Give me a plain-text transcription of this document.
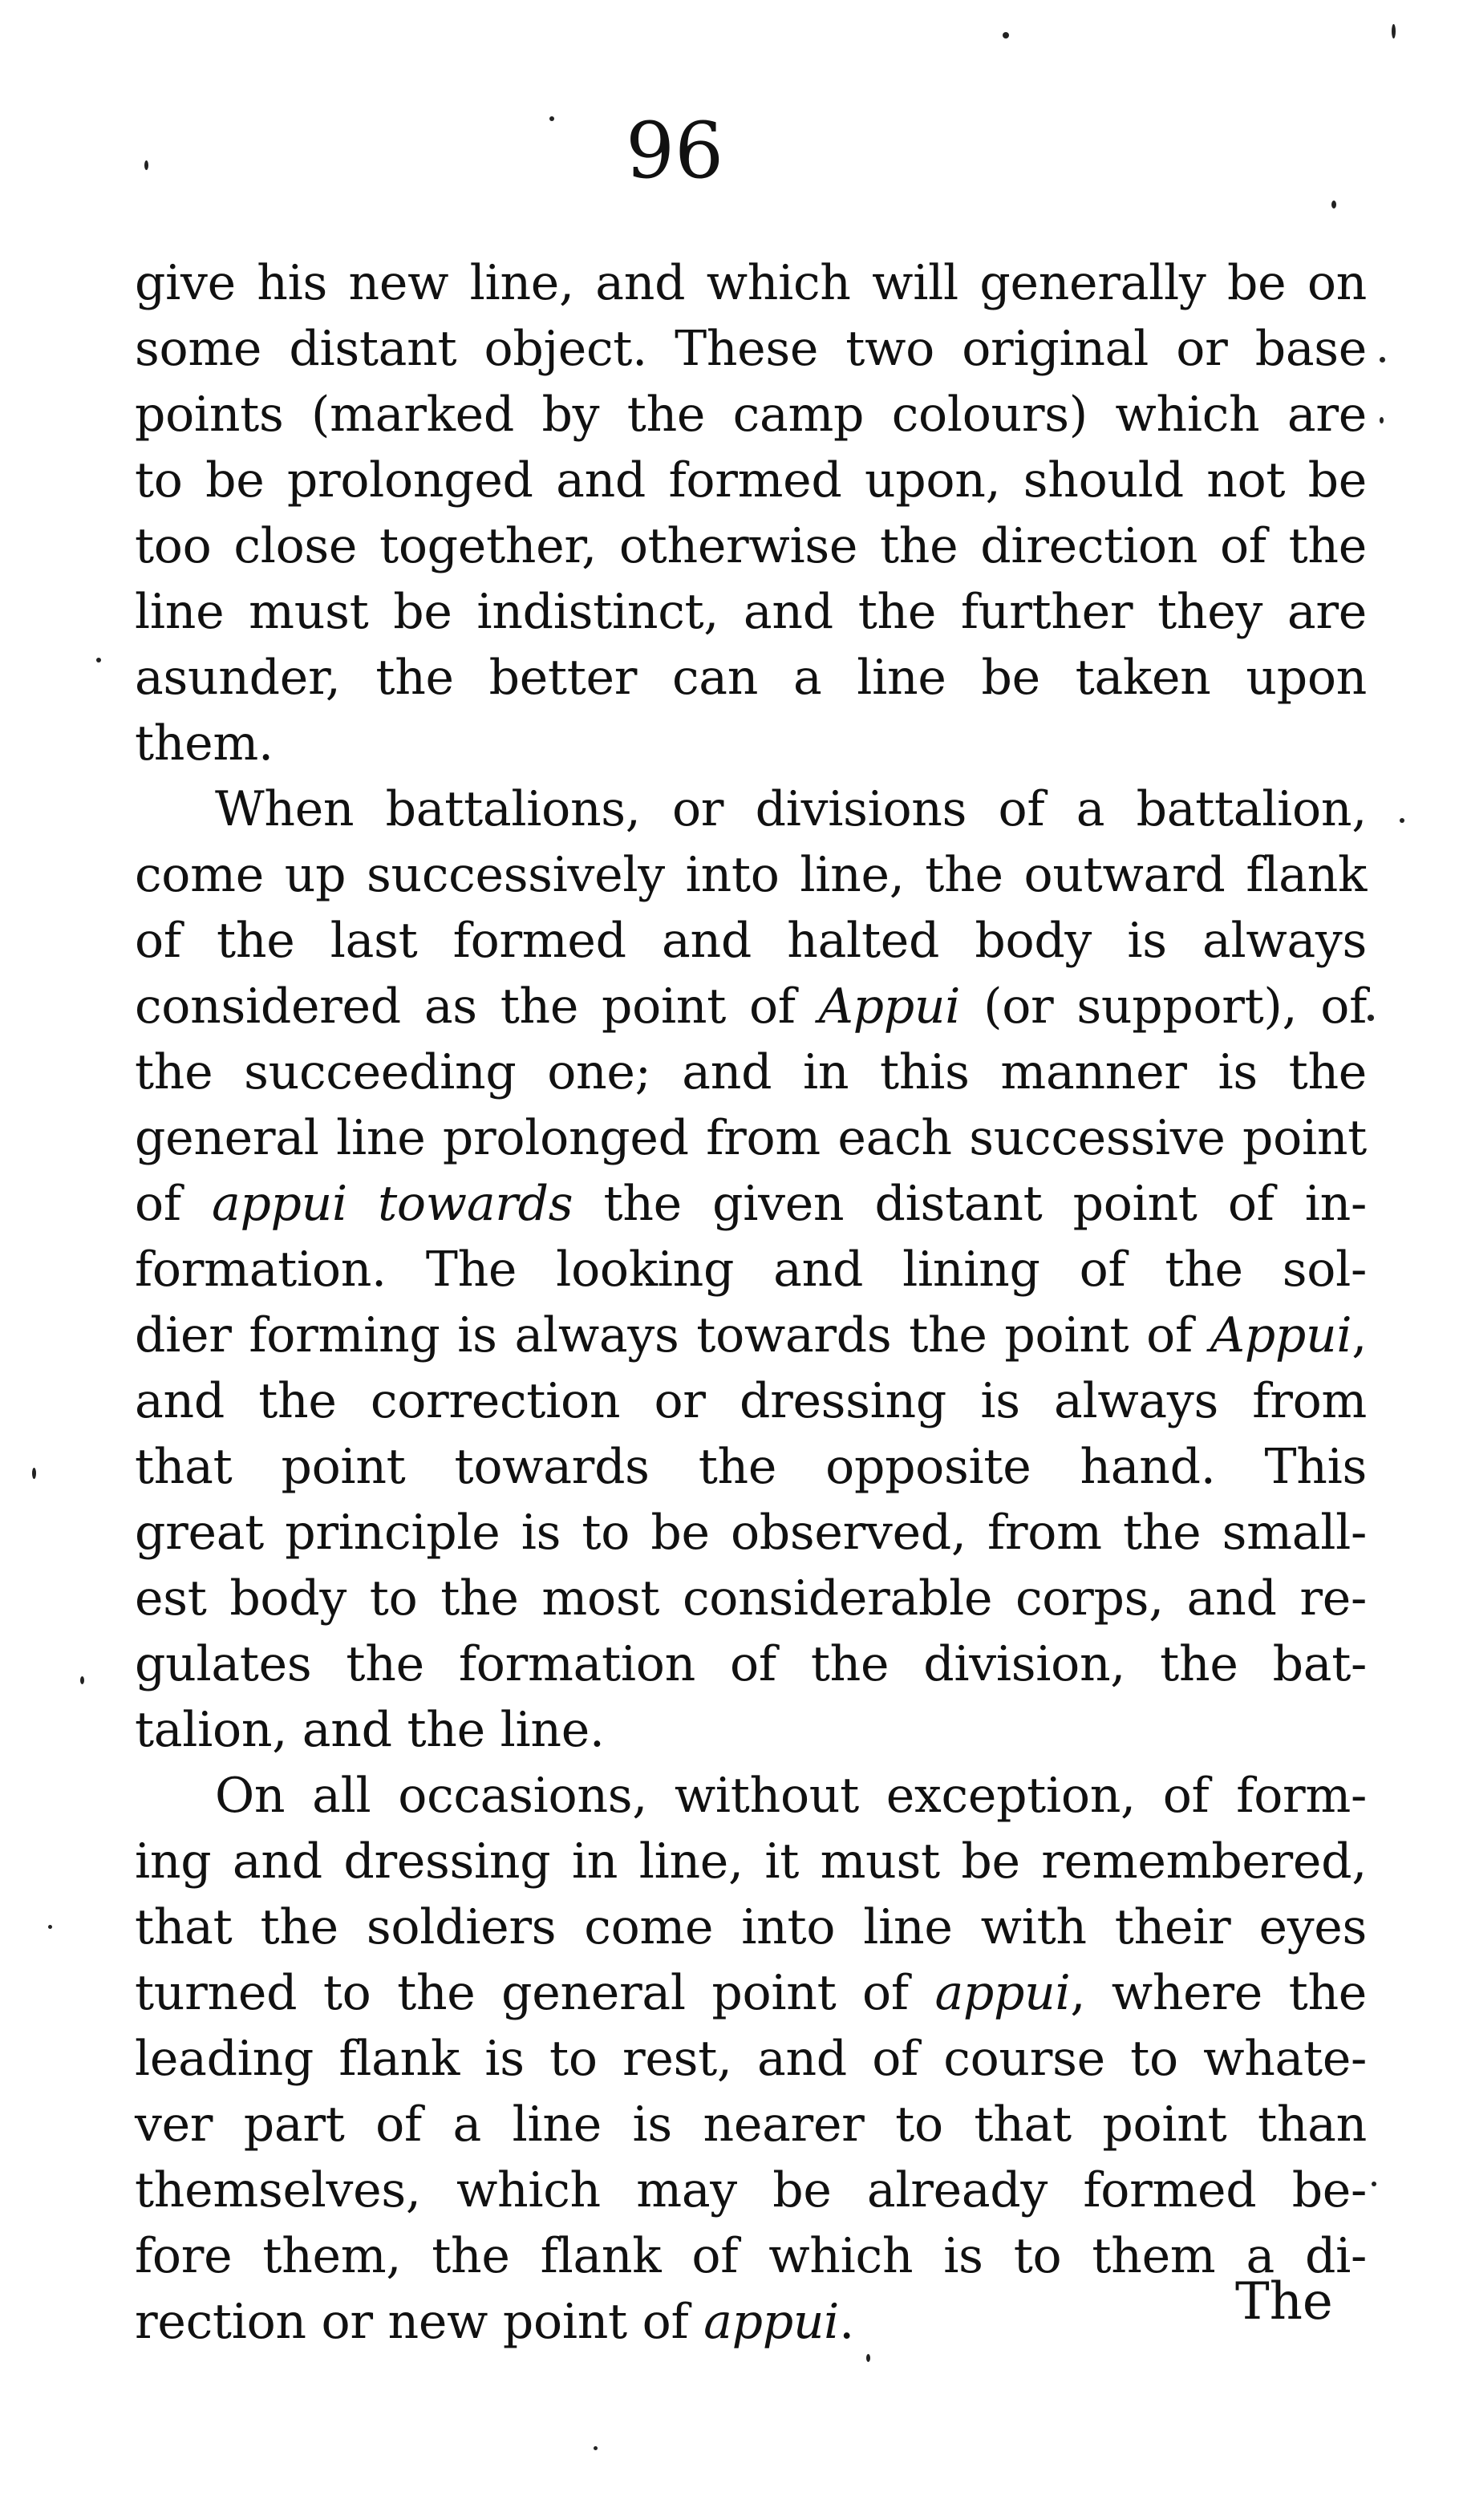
96
give his new line, and which will generally be on
some distant object. These two original or base
points (marked by the camp colours) which are
to be prolonged and formed upon, should not be
too close together, otherwise the direction of the
line must be indistinct, and the further they are
asunder, the better can a line be taken upon
them.
When battalions, or divisions of a battalion,
come up successively into line, the outward flank
of the last formed and halted body is always
considered as the point of Appui (or support), of
the succeeding one; and in this manner is the
general line prolonged from each successive point
of appui towards the given distant point of in-
formation. The looking and lining of the sol-
dier forming is always towards the point of Appui,
and the correction or dressing is always from
that point towards the opposite hand. This
great principle is to be observed, from the small-
est body to the most considerable corps, and re-
gulates the formation of the division, the bat-
talion, and the line.
On all occasions, without exception, of form-
ing and dressing in line, it must be remembered,
that the soldiers come into line with their eyes
turned to the general point of appui, where the
leading flank is to rest, and of course to whate-
ver part of a line is nearer to that point than
themselves, which may be already formed be-
fore them, the flank of which is to them a di-
rection or new point of appui.	The
